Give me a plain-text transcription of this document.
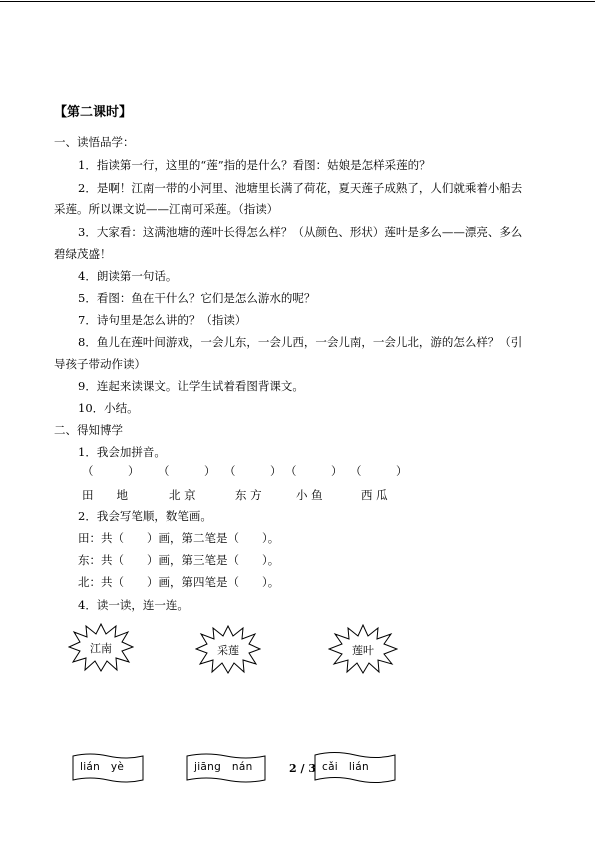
【第二课时】
一、读悟品学：
1．指读第一行，这里的“莲”指的是什么？看图：姑娘是怎样采莲的？
2．是啊！江南一带的小河里、池塘里长满了荷花，夏天莲子成熟了，人们就乘着小船去
采莲。所以课文说——江南可采莲。（指读）
3．大家看：这满池塘的莲叶长得怎么样？（从颜色、形状）莲叶是多么——漂亮、多么
碧绿茂盛！
4．朗读第一句话。
5．看图：鱼在干什么？它们是怎么游水的呢？
7．诗句里是怎么讲的？（指读）
8．鱼儿在莲叶间游戏，一会儿东，一会儿西，一会儿南，一会儿北，游的怎么样？（引
导孩子带动作读）
9．连起来读课文。让学生试着看图背课文。
10．小结。
二、得知博学
1．我会加拼音。
（　　　） （　　　） （　　　） （　　　） （　　　）
田　　地	北 京	东 方	小 鱼	西 瓜
2．我会写笔顺，数笔画。
田：共（　　）画，第二笔是（　　）。
东：共（　　）画，第三笔是（　　）。
北：共（　　）画，第四笔是（　　）。
4．读一读，连一连。
江南	采莲	莲叶
lián　yè	jiāng　nán	cǎi　lián
2 / 3
